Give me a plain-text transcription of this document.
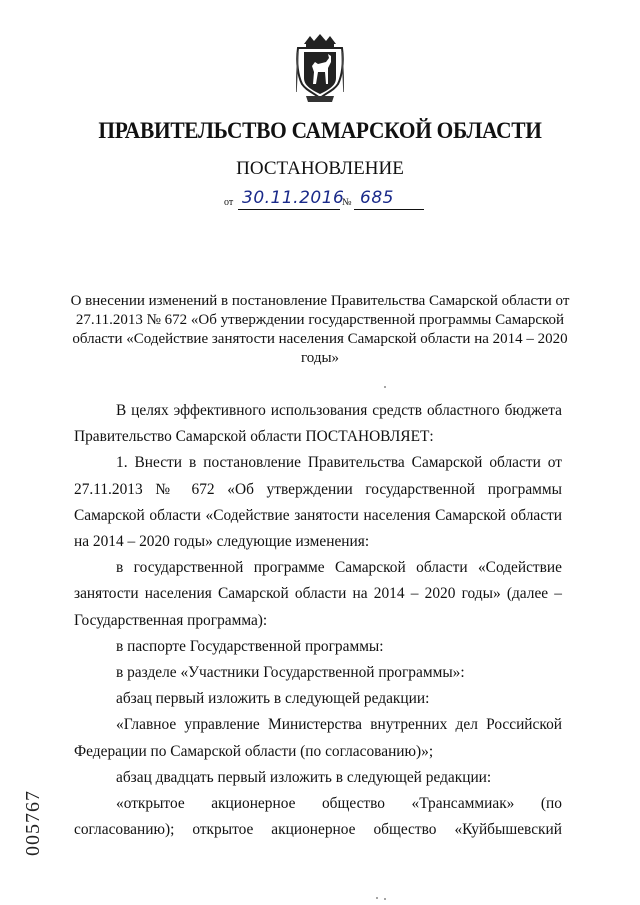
ПРАВИТЕЛЬСТВО САМАРСКОЙ ОБЛАСТИ
ПОСТАНОВЛЕНИЕ
от 30.11.2016
№ 685
О внесении изменений в постановление Правительства Самарской области от 27.11.2013 № 672 «Об утверждении государственной программы Самарской области «Содействие занятости населения Самарской области на 2014 – 2020 годы»

В целях эффективного использования средств областного бюджета Правительство Самарской области ПОСТАНОВЛЯЕТ:

1. Внести в постановление Правительства Самарской области от 27.11.2013 № 672 «Об утверждении государственной программы Самарской области «Содействие занятости населения Самарской области на 2014 – 2020 годы» следующие изменения:

в государственной программе Самарской области «Содействие занятости населения Самарской области на 2014 – 2020 годы» (далее – Государственная программа):

в паспорте Государственной программы:

в разделе «Участники Государственной программы»:

абзац первый изложить в следующей редакции:

«Главное управление Министерства внутренних дел Российской Федерации по Самарской области (по согласованию)»;

абзац двадцать первый изложить в следующей редакции:

«открытое акционерное общество «Трансаммиак» (по согласованию); открытое акционерное общество «Куйбышевский

005767
